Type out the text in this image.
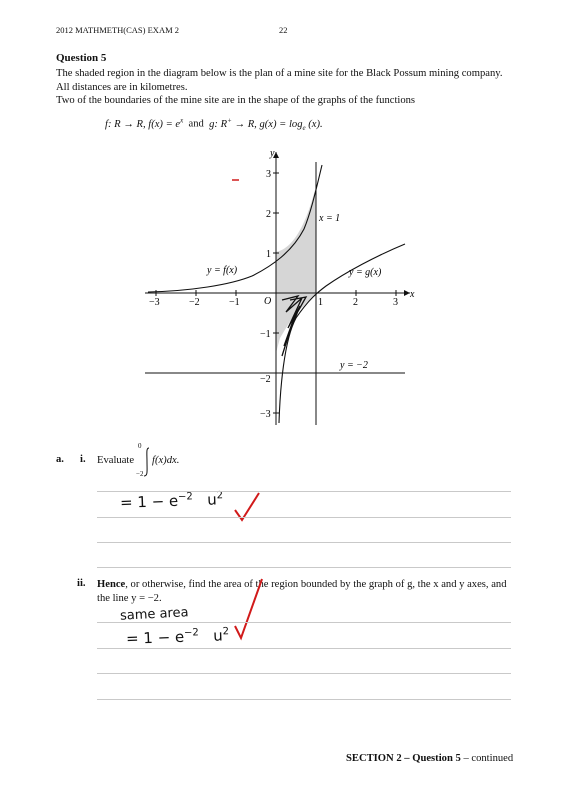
2012 MATHMETH(CAS) EXAM 2	22
Question 5
The shaded region in the diagram below is the plan of a mine site for the Black Possum mining company.
All distances are in kilometres.
Two of the boundaries of the mine site are in the shape of the graphs of the functions
f: R → R, $f(x) = e^x$ and g: R+ → R, $g(x) = \log_e (x)$.
y
x
O
−3	−2	−1	1	2	3
3
2
1
−1
−2
−3
y = f(x)	y = g(x)
x = 1
y = −2
a. i. Evaluate
0
−2
f(x)dx.
= $1 - e^{-2}$ $u^2$
ii. Hence, or otherwise, find the area of the region bounded by the graph of g, the x and y axes, and
the line y = −2.
same area
= $1 - e^{-2}$ $u^2$
SECTION 2 – Question 5 – continued
